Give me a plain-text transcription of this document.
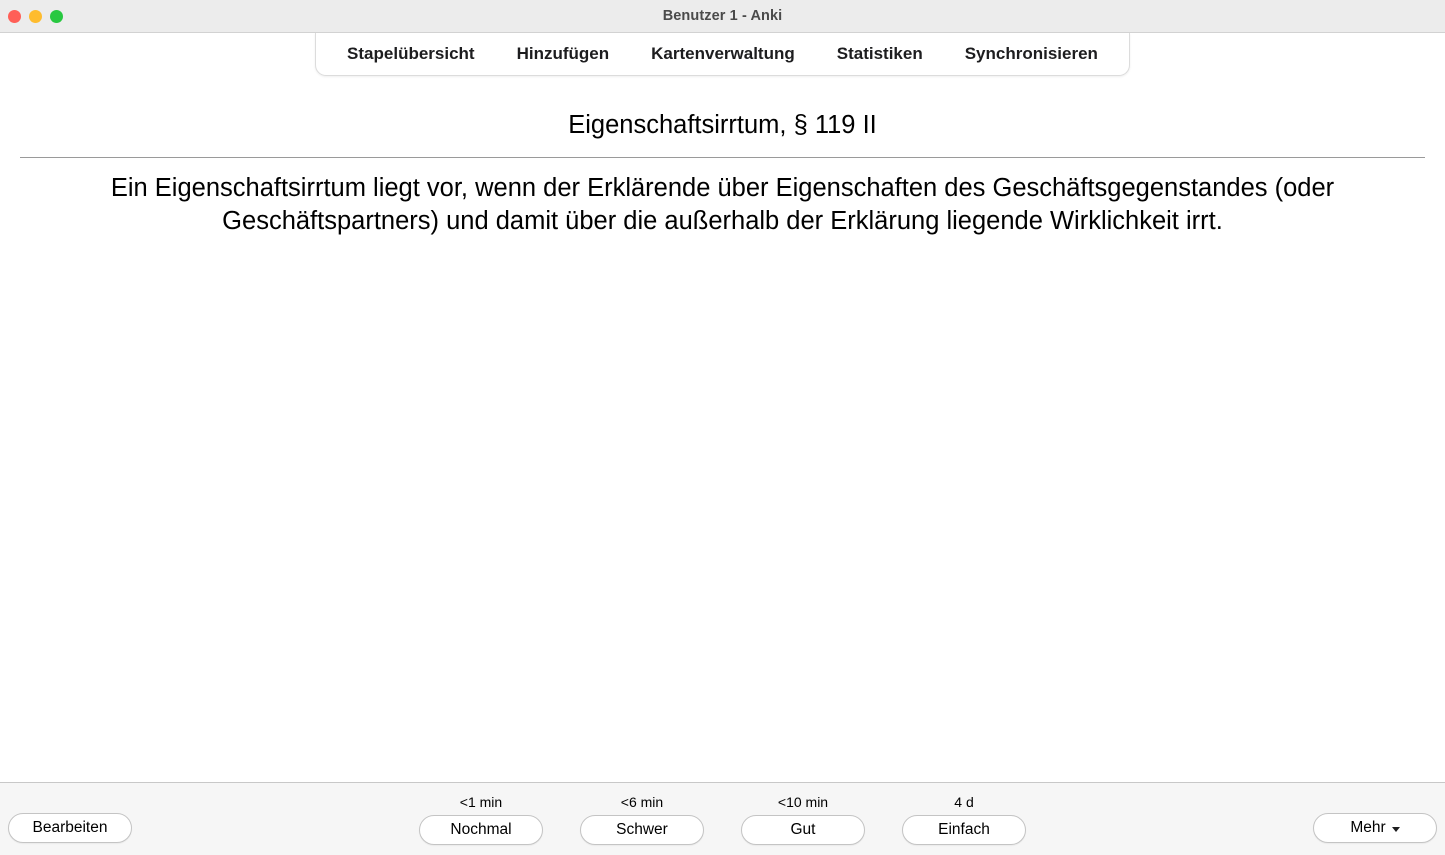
Benutzer 1 - Anki
Stapelübersicht	Hinzufügen	Kartenverwaltung	Statistiken	Synchronisieren
Eigenschaftsirrtum, § 119 II
Ein Eigenschaftsirrtum liegt vor, wenn der Erklärende über Eigenschaften des Geschäftsgegenstandes (oder Geschäftspartners) und damit über die außerhalb der Erklärung liegende Wirklichkeit irrt.
Bearbeiten
<1 min
Nochmal
<6 min
Schwer
<10 min
Gut
4 d
Einfach	Mehr
